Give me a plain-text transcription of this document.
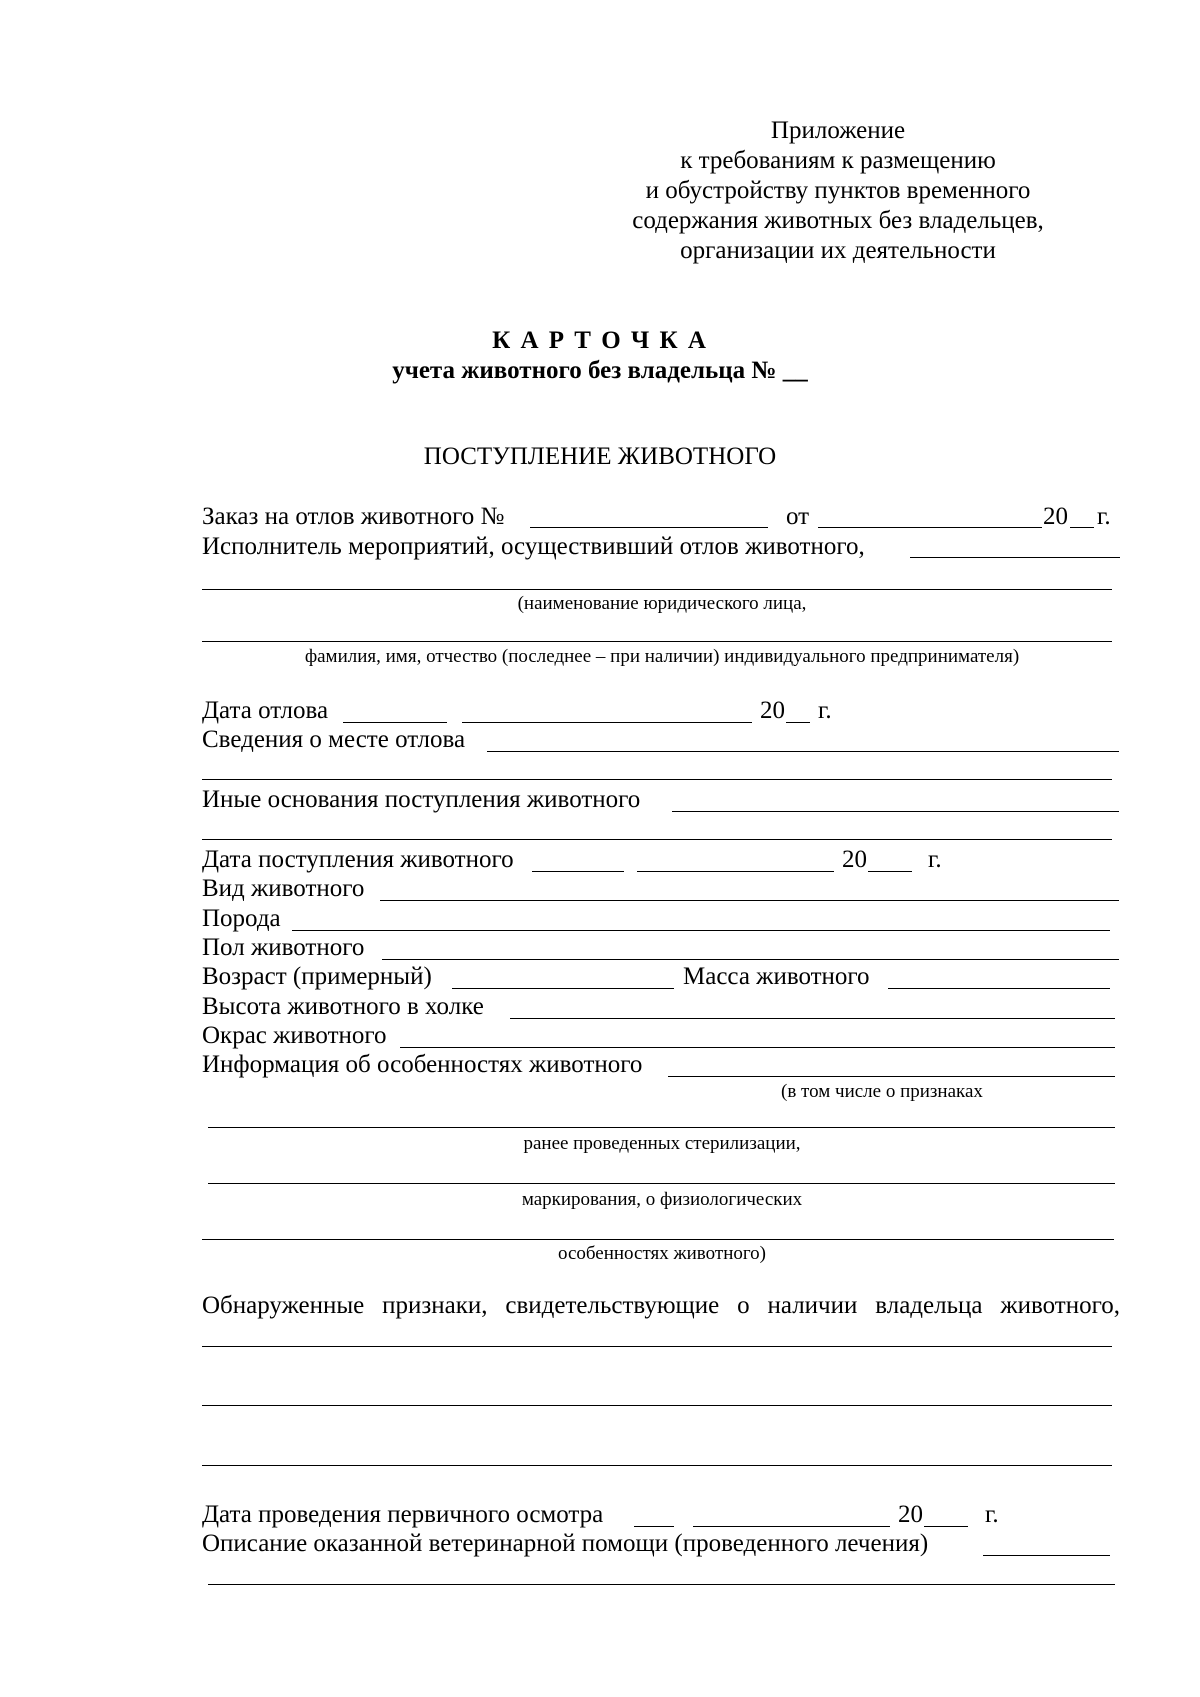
Приложение
к требованиям к размещению
и обустройству пунктов временного
содержания животных без владельцев,
организации их деятельности
К А Р Т О Ч К А
учета животного без владельца № __
ПОСТУПЛЕНИЕ ЖИВОТНОГО
Заказ на отлов животного №	от	20 г.
Исполнитель мероприятий, осуществивший отлов животного,
(наименование юридического лица,
фамилия, имя, отчество (последнее – при наличии) индивидуального предпринимателя)
Дата отлова	20 г.
Сведения о месте отлова
Иные основания поступления животного
Дата поступления животного	20 г.
Вид животного
Порода
Пол животного
Возраст (примерный)	Масса животного
Высота животного в холке
Окрас животного
Информация об особенностях животного
(в том числе о признаках
ранее проведенных стерилизации,
маркирования, о физиологических
особенностях животного)
Обнаруженные признаки, свидетельствующие о наличии владельца животного,
Дата проведения первичного осмотра	20 г.
Описание оказанной ветеринарной помощи (проведенного лечения)
